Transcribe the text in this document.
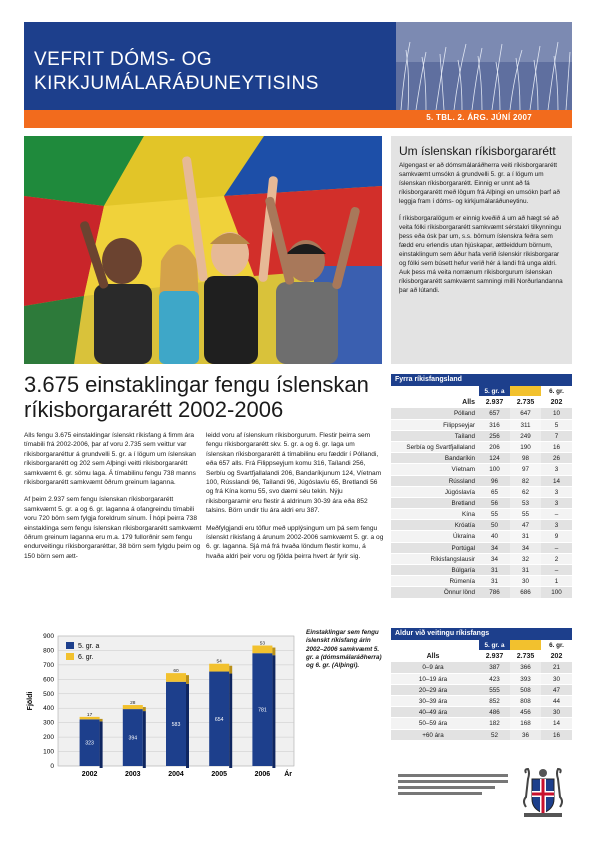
VEFRIT DÓMS- OG
KIRKJUMÁLARÁÐUNEYTISINS
5. TBL. 2. ÁRG. JÚNÍ 2007
Um íslenskan ríkisborgararétt

Algengast er að dómsmálaráðherra veiti ríkisborgararétt samkvæmt umsókn á grundvelli 5. gr. a í lögum um íslenskan ríkisborgararétt. Einnig er unnt að fá ríkisborgararétt með lögum frá Alþingi en umsókn þarf að leggja fram í dóms- og kirkjumálaráðuneytinu.

Í ríkisborgaralögum er einnig kveðið á um að hægt sé að veita fólki ríkisborgararétt samkvæmt sérstakri tilkynningu þess eða ósk þar um, s.s. börnum íslenskra feðra sem fædd eru erlendis utan hjúskapar, ættleiddum börnum, einstaklingum sem áður hafa verið íslenskir ríkisborgarar og fólki sem búsett hefur verið hér á landi frá unga aldri. Auk þess má veita norrænum ríkisborgurum íslenskan ríkisborgararétt samkvæmt samningi milli Norðurlandanna þar að lútandi.

3.675 einstaklingar fengu íslenskan ríkisborgararétt 2002-2006

Alls fengu 3.675 einstaklingar íslenskt ríkisfang á fimm ára tímabili frá 2002-2006, þar af voru 2.735 sem veittur var ríkisborgararéttur á grundvelli 5. gr. a í lögum um íslenskan ríkisborgararétt og 202 sem Alþingi veitti ríkisborgararétt samkvæmt 6. gr. sömu laga. Á tímabilinu fengu 738 manns ríkisborgararétt samkvæmt öðrum greinum laganna.

Af þeim 2.937 sem fengu íslenskan ríkisborgararétt samkvæmt 5. gr. a og 6. gr. laganna á ofangreindu tímabili voru 720 börn sem fylgja foreldrum sínum. Í hópi þeirra 738 einstaklinga sem fengu íslenskan ríkisborgararétt samkvæmt öðrum greinum laganna eru m.a. 179 fullorðnir sem fengu endurveitingu ríkisborgararéttar, 38 börn sem fylgdu þeim og 150 börn sem ætt-

leidd voru af íslenskum ríkisborgurum. Flestir þeirra sem fengu ríkisborgararétt skv. 5. gr. a og 6. gr. laga um íslenskan ríkisborgararétt á tímabilinu eru fæddir í Póllandi, eða 657 alls. Frá Filippseyjum komu 316, Taílandi 256, Serbíu og Svartfjallalandi 206, Bandaríkjunum 124, Víetnam 100, Rússlandi 96, Taílandi 96, Júgóslavíu 65, Bretlandi 56 og frá Kína komu 55, svo dæmi séu tekin. Nýju ríkisborgararnir eru flestir á aldrinum 30-39 ára eða 852 talsins. Börn undir tíu ára aldri eru 387.

Meðfylgjandi eru töflur með upplýsingum um þá sem fengu íslenskt ríkisfang á árunum 2002-2006 samkvæmt 5. gr. a og 6. gr. laganna. Sjá má frá hvaða löndum flestir komu, á hvaða aldri þeir voru og fjölda þeirra hvert ár fyrir sig.

Fyrra ríkisfangsland
5. gr. a	6. gr.
Alls	2.937	2.735	202
Pólland	657	647	10
Filippseyjar	316	311	5
Taíland	256	249	7
Serbía og Svartfjallaland	206	190	16
Bandaríkin	124	98	26
Víetnam	100	97	3
Rússland	96	82	14
Júgóslavía	65	62	3
Bretland	56	53	3
Kína	55	55	–
Króatía	50	47	3
Úkraína	40	31	9
Portúgal	34	34	–
Ríkisfangslausir	34	32	2
Búlgaría	31	31	–
Rúmenía	31	30	1
Önnur lönd	786	686	100
Aldur við veitingu ríkisfangs
5. gr. a	6. gr.
Alls	2.937	2.735	202
0–9 ára	387	366	21
10–19 ára	423	393	30
20–29 ára	555	508	47
30–39 ára	852	808	44
40–49 ára	486	456	30
50–59 ára	182	168	14
+60 ára	52	36	16
0
100
200
300
400
500
600
700
800
900
Fjöldi
323
17
2002
394
28
2003
583
60
2004
654
54
2005
781
53
2006 Ár
5. gr. a
6. gr.
Einstaklingar sem fengu íslenskt ríkisfang árin 2002–2006 samkvæmt 5. gr. a (dómsmálaráðherra) og 6. gr. (Alþingi).
